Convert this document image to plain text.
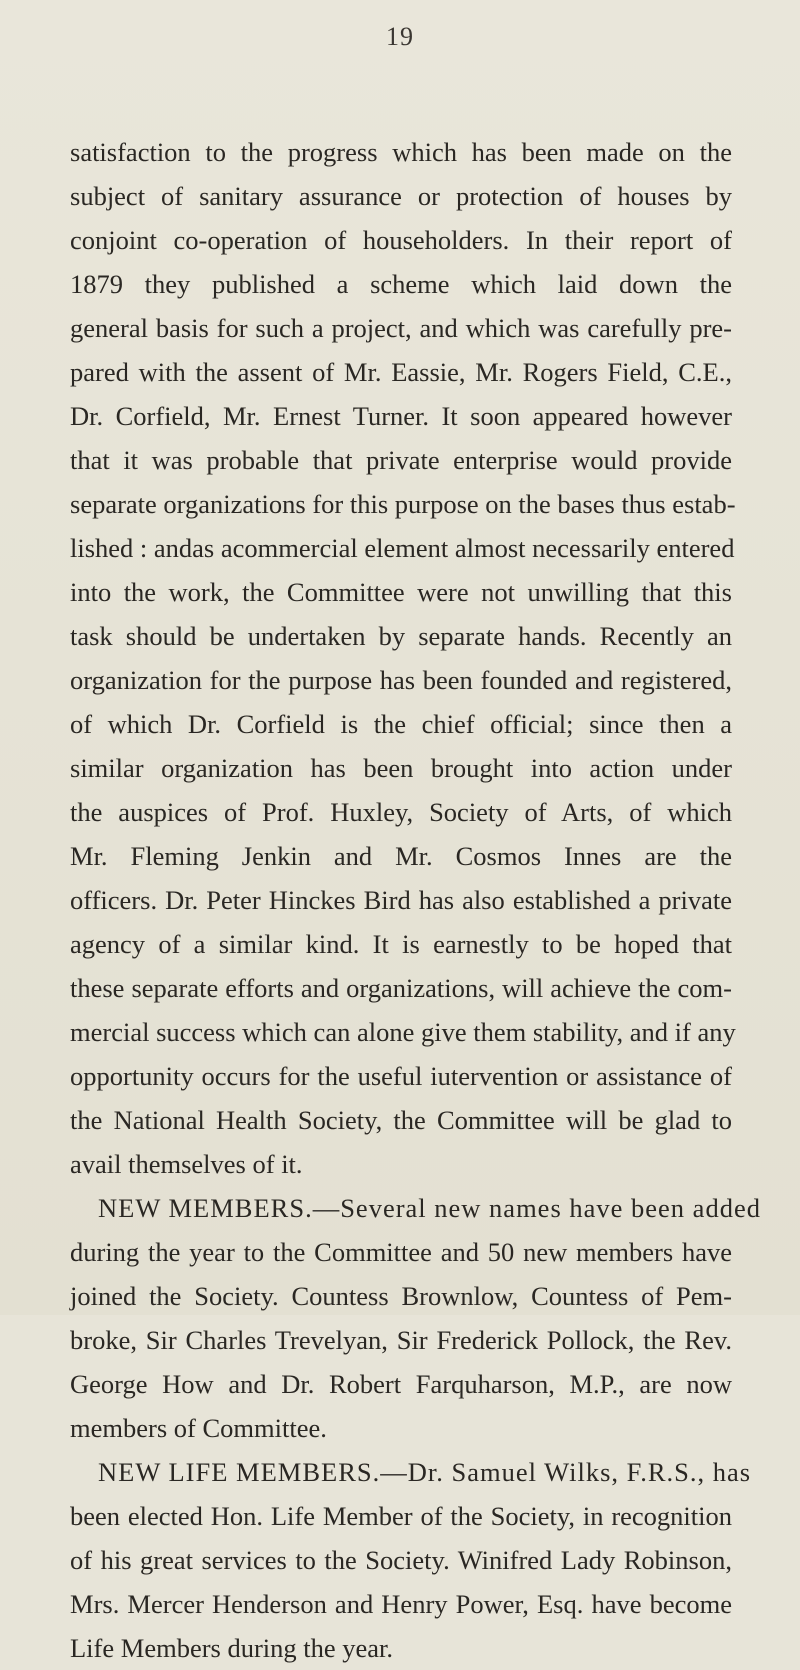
19
satisfaction to the progress which has been made on the
subject of sanitary assurance or protection of houses by
conjoint co-operation of householders. In their report of
1879 they published a scheme which laid down the
general basis for such a project, and which was carefully pre-
pared with the assent of Mr. Eassie, Mr. Rogers Field, C.E.,
Dr. Corfield, Mr. Ernest Turner. It soon appeared however
that it was probable that private enterprise would provide
separate organizations for this purpose on the bases thus estab-
lished : andas acommercial element almost necessarily entered
into the work, the Committee were not unwilling that this
task should be undertaken by separate hands. Recently an
organization for the purpose has been founded and registered,
of which Dr. Corfield is the chief official; since then a
similar organization has been brought into action under
the auspices of Prof. Huxley, Society of Arts, of which
Mr. Fleming Jenkin and Mr. Cosmos Innes are the
officers. Dr. Peter Hinckes Bird has also established a private
agency of a similar kind. It is earnestly to be hoped that
these separate efforts and organizations, will achieve the com-
mercial success which can alone give them stability, and if any
opportunity occurs for the useful iutervention or assistance of
the National Health Society, the Committee will be glad to
avail themselves of it.
NEW MEMBERS.—Several new names have been added
during the year to the Committee and 50 new members have
joined the Society. Countess Brownlow, Countess of Pem-
broke, Sir Charles Trevelyan, Sir Frederick Pollock, the Rev.
George How and Dr. Robert Farquharson, M.P., are now
members of Committee.
NEW LIFE MEMBERS.—Dr. Samuel Wilks, F.R.S., has
been elected Hon. Life Member of the Society, in recognition
of his great services to the Society. Winifred Lady Robinson,
Mrs. Mercer Henderson and Henry Power, Esq. have become
Life Members during the year.
